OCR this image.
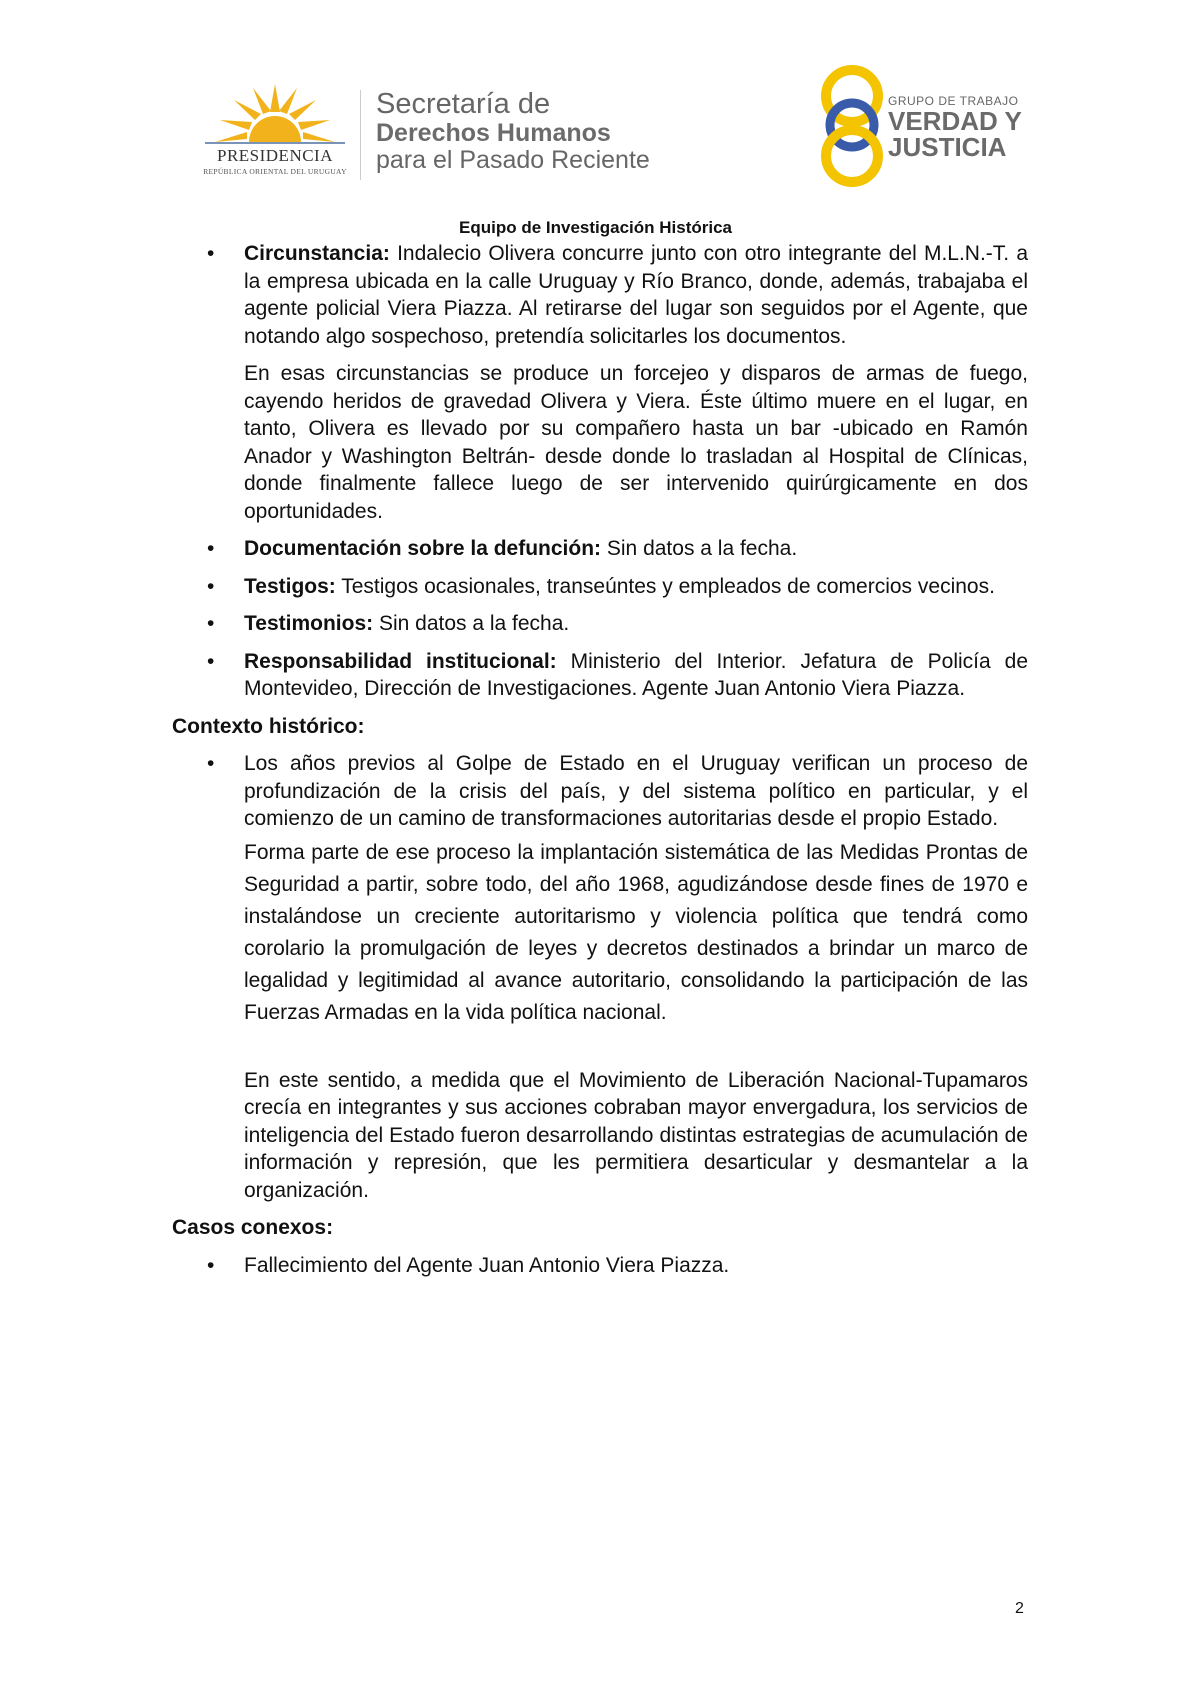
PRESIDENCIA
REPÚBLICA ORIENTAL DEL URUGUAY
Secretaría de
Derechos Humanos
para el Pasado Reciente
GRUPO DE TRABAJO
VERDAD Y
JUSTICIA
Equipo de Investigación Histórica
• Circunstancia: Indalecio Olivera concurre junto con otro integrante del M.L.N.-T. a la empresa ubicada en la calle Uruguay y Río Branco, donde, además, trabajaba el agente policial Viera Piazza. Al retirarse del lugar son seguidos por el Agente, que notando algo sospechoso, pretendía solicitarles los documentos.

En esas circunstancias se produce un forcejeo y disparos de armas de fuego, cayendo heridos de gravedad Olivera y Viera. Éste último muere en el lugar, en tanto, Olivera es llevado por su compañero hasta un bar -ubicado en Ramón Anador y Washington Beltrán- desde donde lo trasladan al Hospital de Clínicas, donde finalmente fallece luego de ser intervenido quirúrgicamente en dos oportunidades.

• Documentación sobre la defunción: Sin datos a la fecha.

• Testigos: Testigos ocasionales, transeúntes y empleados de comercios vecinos.

• Testimonios: Sin datos a la fecha.

• Responsabilidad institucional: Ministerio del Interior. Jefatura de Policía de Montevideo, Dirección de Investigaciones. Agente Juan Antonio Viera Piazza.

Contexto histórico:
• Los años previos al Golpe de Estado en el Uruguay verifican un proceso de profundización de la crisis del país, y del sistema político en particular, y el comienzo de un camino de transformaciones autoritarias desde el propio Estado.

Forma parte de ese proceso la implantación sistemática de las Medidas Prontas de Seguridad a partir, sobre todo, del año 1968, agudizándose desde fines de 1970 e instalándose un creciente autoritarismo y violencia política que tendrá como corolario la promulgación de leyes y decretos destinados a brindar un marco de legalidad y legitimidad al avance autoritario, consolidando la participación de las Fuerzas Armadas en la vida política nacional.

En este sentido, a medida que el Movimiento de Liberación Nacional-Tupamaros crecía en integrantes y sus acciones cobraban mayor envergadura, los servicios de inteligencia del Estado fueron desarrollando distintas estrategias de acumulación de información y represión, que les permitiera desarticular y desmantelar a la organización.

Casos conexos:
• Fallecimiento del Agente Juan Antonio Viera Piazza.

2
